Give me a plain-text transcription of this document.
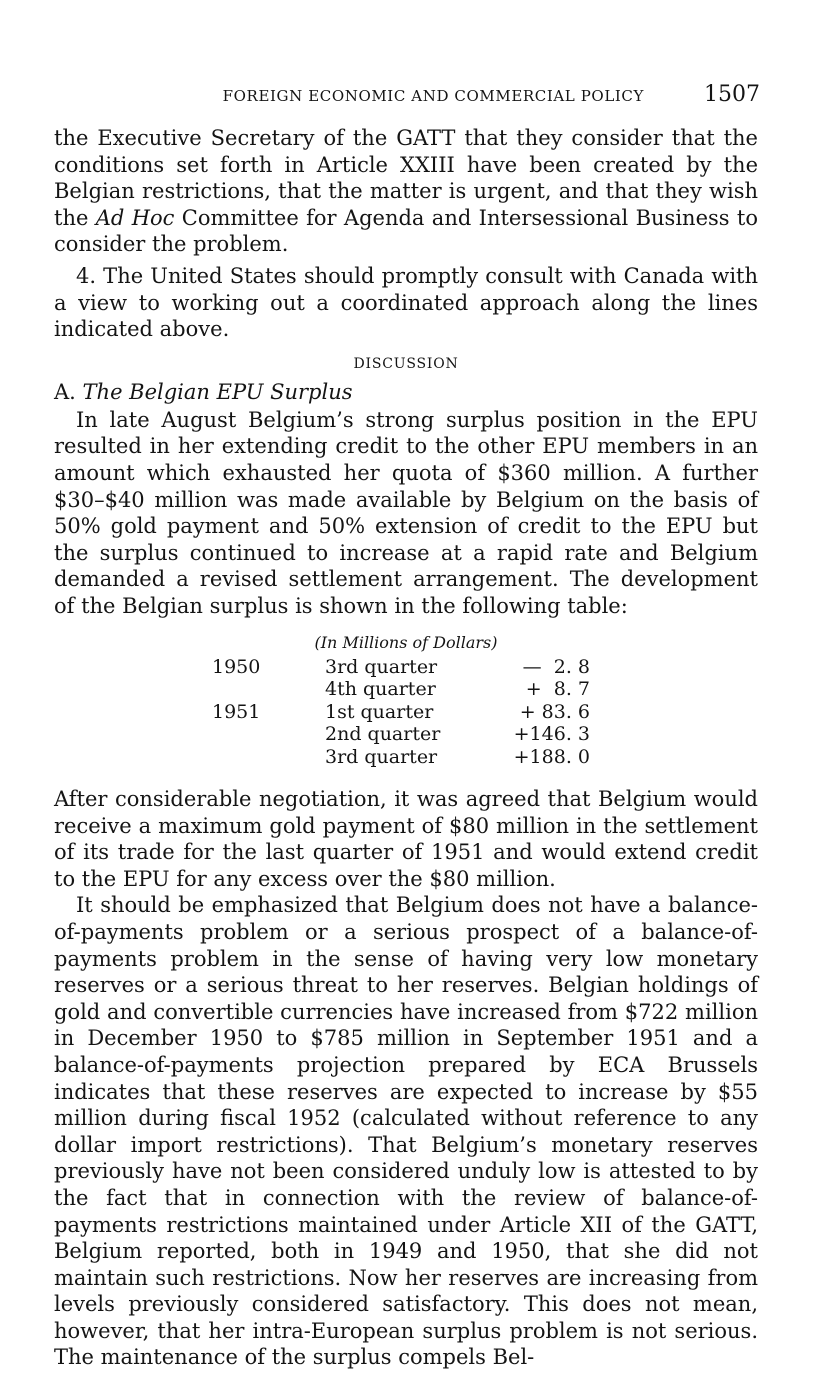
FOREIGN ECONOMIC AND COMMERCIAL POLICY	1507

the Executive Secretary of the GATT that they consider that the conditions set forth in Article XXIII have been created by the Belgian restrictions, that the matter is urgent, and that they wish the Ad Hoc Committee for Agenda and Intersessional Business to consider the problem.

4. The United States should promptly consult with Canada with a view to working out a coordinated approach along the lines indicated above.

DISCUSSION
A. The Belgian EPU Surplus

In late August Belgium’s strong surplus position in the EPU resulted in her extending credit to the other EPU members in an amount which exhausted her quota of $360 million. A further $30–$40 million was made available by Belgium on the basis of 50% gold payment and 50% extension of credit to the EPU but the surplus continued to increase at a rapid rate and Belgium demanded a revised settlement arrangement. The development of the Belgian surplus is shown in the following table:

(In Millions of Dollars)
1950	3rd quarter	—  2. 8
	4th quarter	+  8. 7
1951	1st quarter	+ 83. 6
	2nd quarter	+146. 3
	3rd quarter	+188. 0

After considerable negotiation, it was agreed that Belgium would receive a maximum gold payment of $80 million in the settlement of its trade for the last quarter of 1951 and would extend credit to the EPU for any excess over the $80 million.

It should be emphasized that Belgium does not have a balance-of-payments problem or a serious prospect of a balance-of-payments problem in the sense of having very low monetary reserves or a serious threat to her reserves. Belgian holdings of gold and convertible currencies have increased from $722 million in December 1950 to $785 million in September 1951 and a balance-of-payments projection prepared by ECA Brussels indicates that these reserves are expected to increase by $55 million during fiscal 1952 (calculated without reference to any dollar import restrictions). That Belgium’s monetary reserves previously have not been considered unduly low is attested to by the fact that in connection with the review of balance-of-payments restrictions maintained under Article XII of the GATT, Belgium reported, both in 1949 and 1950, that she did not maintain such restrictions. Now her reserves are increasing from levels previously considered satisfactory. This does not mean, however, that her intra-European surplus problem is not serious. The maintenance of the surplus compels Bel-
